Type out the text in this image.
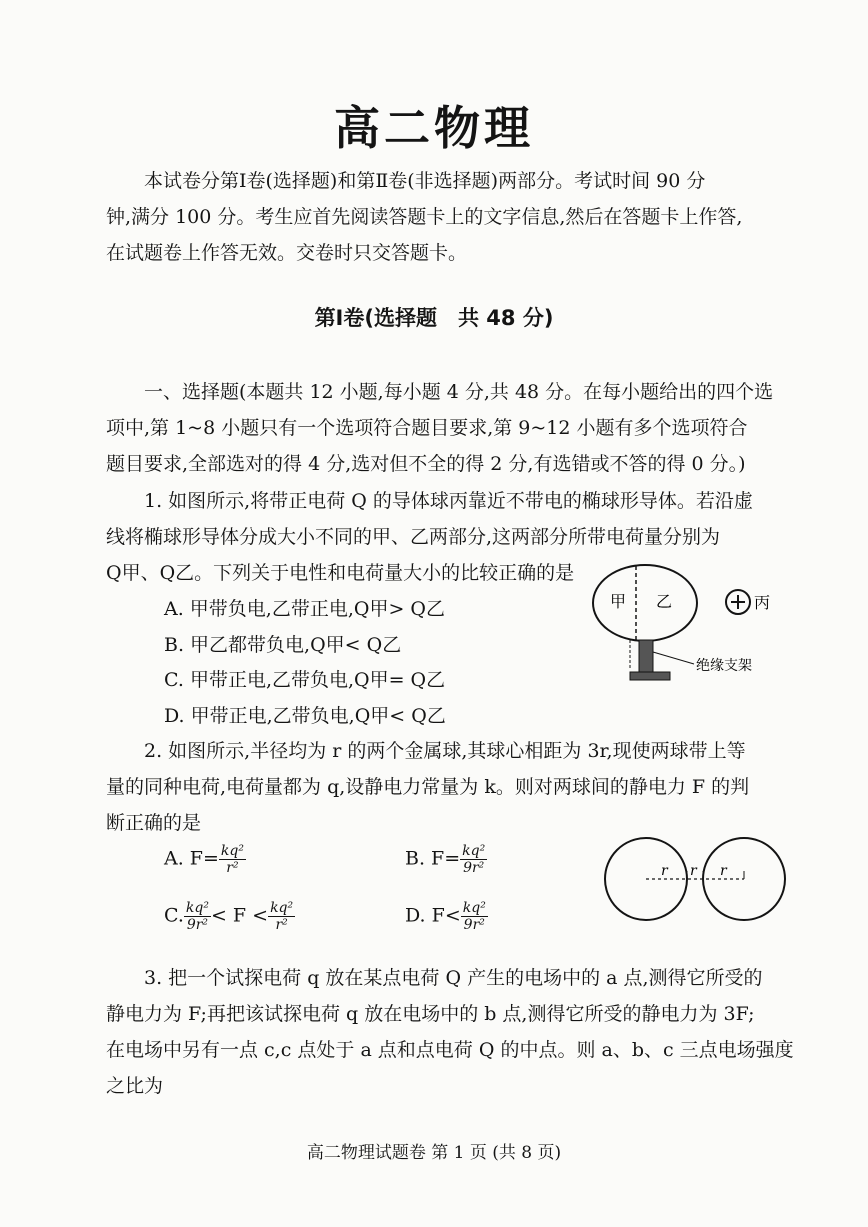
高二物理
本试卷分第Ⅰ卷(选择题)和第Ⅱ卷(非选择题)两部分。考试时间 90 分
钟,满分 100 分。考生应首先阅读答题卡上的文字信息,然后在答题卡上作答,
在试题卷上作答无效。交卷时只交答题卡。
第Ⅰ卷(选择题　共 48 分)
一、选择题(本题共 12 小题,每小题 4 分,共 48 分。在每小题给出的四个选
项中,第 1~8 小题只有一个选项符合题目要求,第 9~12 小题有多个选项符合
题目要求,全部选对的得 4 分,选对但不全的得 2 分,有选错或不答的得 0 分。)
1. 如图所示,将带正电荷 Q 的导体球丙靠近不带电的椭球形导体。若沿虚
线将椭球形导体分成大小不同的甲、乙两部分,这两部分所带电荷量分别为
Q甲、Q乙。下列关于电性和电荷量大小的比较正确的是
A. 甲带负电,乙带正电,Q甲> Q乙
B. 甲乙都带负电,Q甲< Q乙
C. 甲带正电,乙带负电,Q甲= Q乙
D. 甲带正电,乙带负电,Q甲< Q乙
甲 乙	丙
绝缘支架
2. 如图所示,半径均为 r 的两个金属球,其球心相距为 3r,现使两球带上等
量的同种电荷,电荷量都为 q,设静电力常量为 k。则对两球间的静电力 F 的判
断正确的是
A. $F= \frac{\text{kq²}}{\text{r²}}$	B. $F= \frac{\text{kq²}}{\text{9r²}}$
C. $\frac{\text{kq²}}{\text{9r²}} < F < \frac{\text{kq²}}{\text{r²}}$	D. $F< \frac{\text{kq²}}{\text{9r²}}$
r r r
3. 把一个试探电荷 q 放在某点电荷 Q 产生的电场中的 a 点,测得它所受的
静电力为 F;再把该试探电荷 q 放在电场中的 b 点,测得它所受的静电力为 3F;
在电场中另有一点 c,c 点处于 a 点和点电荷 Q 的中点。则 a、b、c 三点电场强度
之比为
高二物理试题卷 第 1 页 (共 8 页)
